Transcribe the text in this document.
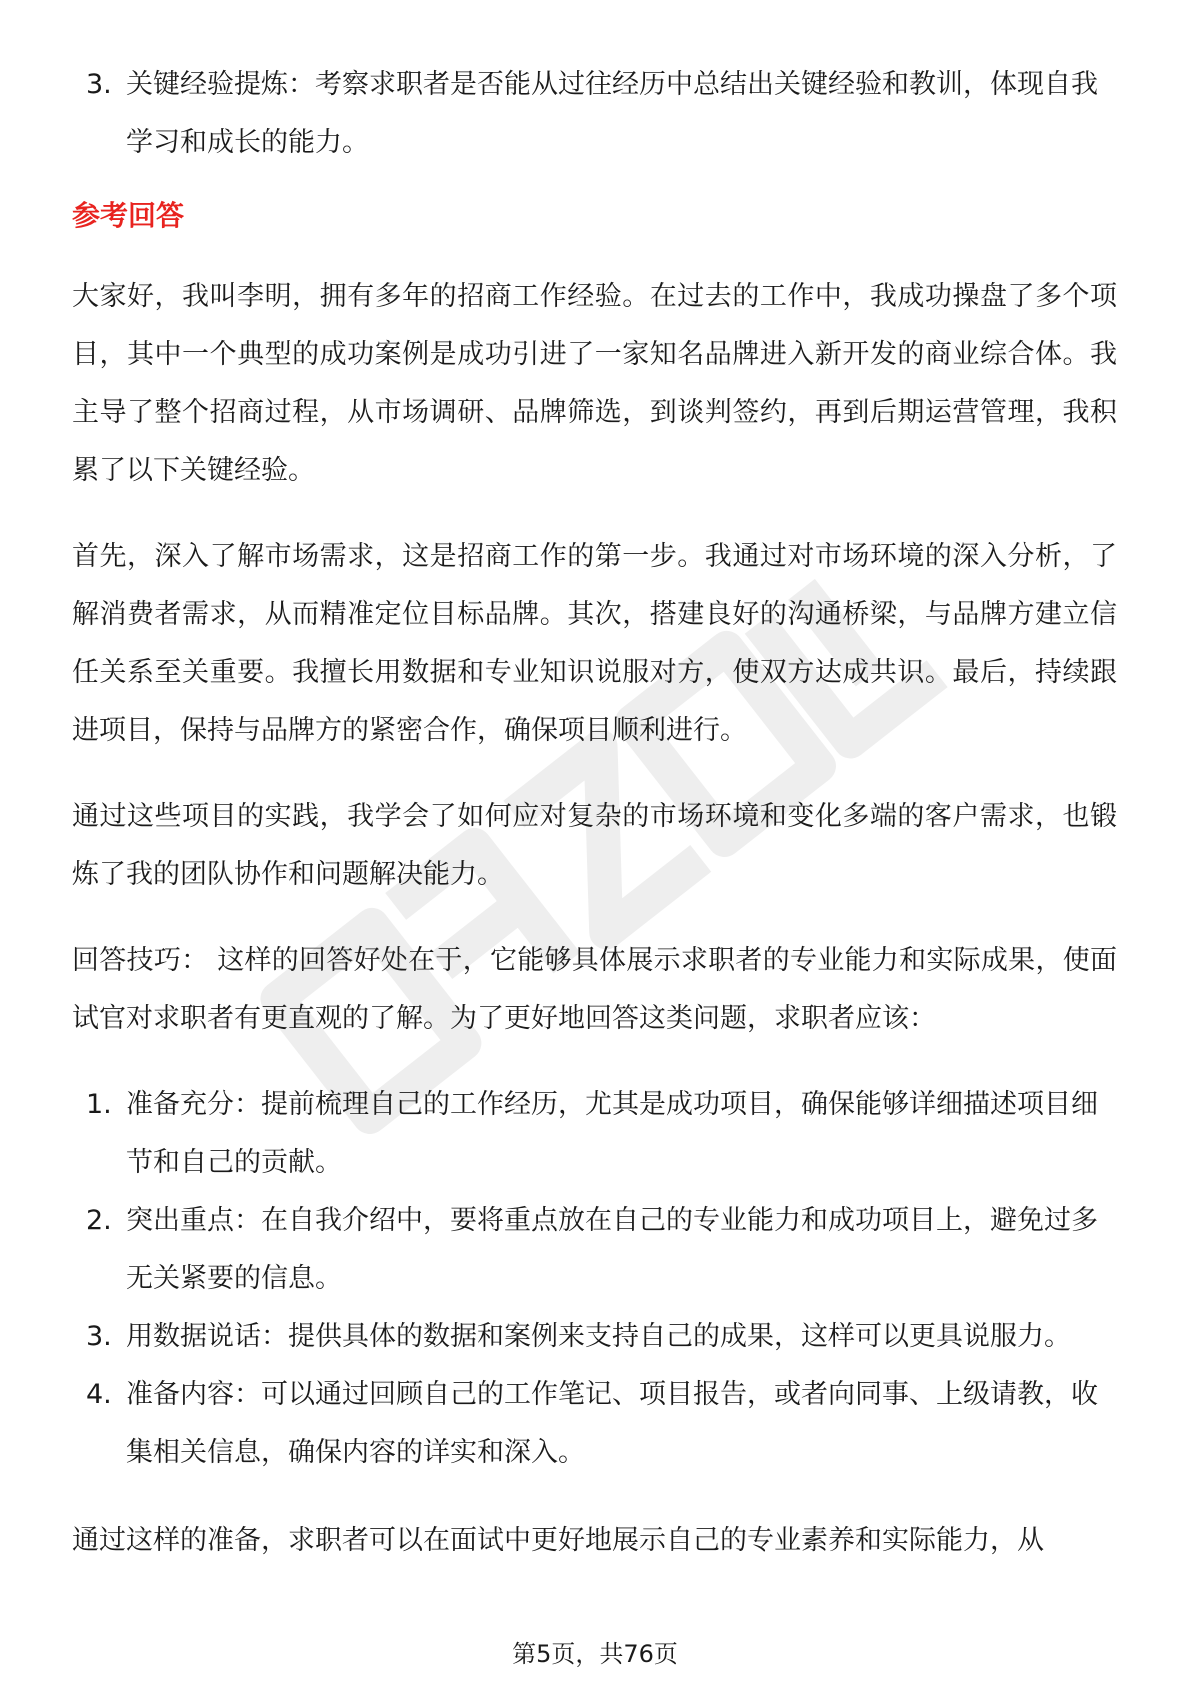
3. 关键经验提炼：考察求职者是否能从过往经历中总结出关键经验和教训，体现自我学习和成长的能力。
参考回答

大家好，我叫李明，拥有多年的招商工作经验。在过去的工作中，我成功操盘了多个项目，其中一个典型的成功案例是成功引进了一家知名品牌进入新开发的商业综合体。我主导了整个招商过程，从市场调研、品牌筛选，到谈判签约，再到后期运营管理，我积累了以下关键经验。

首先，深入了解市场需求，这是招商工作的第一步。我通过对市场环境的深入分析，了解消费者需求，从而精准定位目标品牌。其次，搭建良好的沟通桥梁，与品牌方建立信任关系至关重要。我擅长用数据和专业知识说服对方，使双方达成共识。最后，持续跟进项目，保持与品牌方的紧密合作，确保项目顺利进行。

通过这些项目的实践，我学会了如何应对复杂的市场环境和变化多端的客户需求，也锻炼了我的团队协作和问题解决能力。

回答技巧： 这样的回答好处在于，它能够具体展示求职者的专业能力和实际成果，使面试官对求职者有更直观的了解。为了更好地回答这类问题，求职者应该：

1. 准备充分：提前梳理自己的工作经历，尤其是成功项目，确保能够详细描述项目细节和自己的贡献。
2. 突出重点：在自我介绍中，要将重点放在自己的专业能力和成功项目上，避免过多无关紧要的信息。
3. 用数据说话：提供具体的数据和案例来支持自己的成果，这样可以更具说服力。
4. 准备内容：可以通过回顾自己的工作笔记、项目报告，或者向同事、上级请教，收集相关信息，确保内容的详实和深入。

通过这样的准备，求职者可以在面试中更好地展示自己的专业素养和实际能力，从

第5页，共76页
